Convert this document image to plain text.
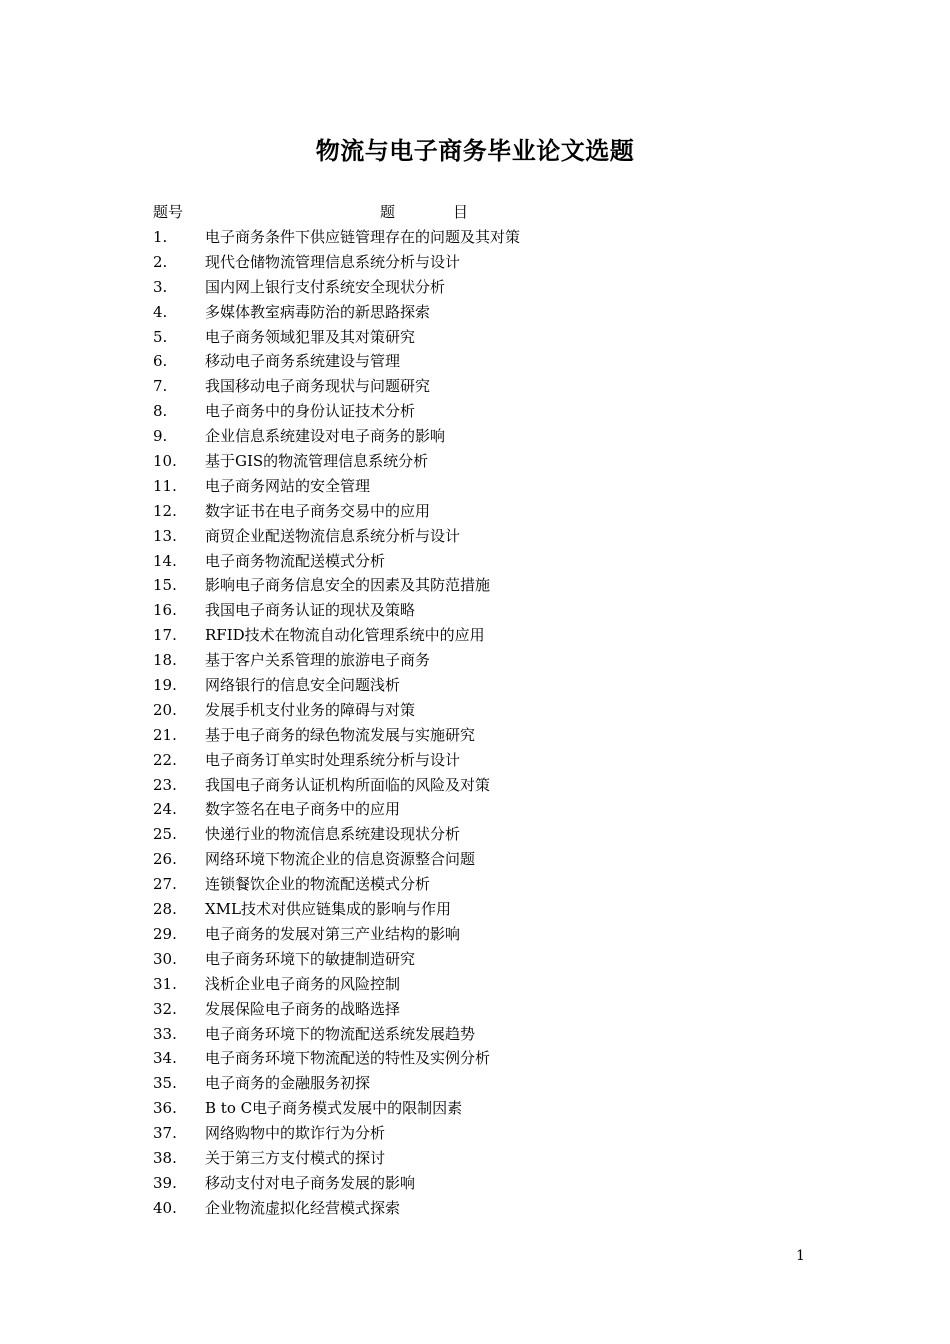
物流与电子商务毕业论文选题
题号	题目
1.	电子商务条件下供应链管理存在的问题及其对策
2.	现代仓储物流管理信息系统分析与设计
3.	国内网上银行支付系统安全现状分析
4.	多媒体教室病毒防治的新思路探索
5.	电子商务领域犯罪及其对策研究
6.	移动电子商务系统建设与管理
7.	我国移动电子商务现状与问题研究
8.	电子商务中的身份认证技术分析
9.	企业信息系统建设对电子商务的影响
10. 基于GIS的物流管理信息系统分析
11. 电子商务网站的安全管理
12. 数字证书在电子商务交易中的应用
13. 商贸企业配送物流信息系统分析与设计
14. 电子商务物流配送模式分析
15. 影响电子商务信息安全的因素及其防范措施
16. 我国电子商务认证的现状及策略
17. RFID技术在物流自动化管理系统中的应用
18. 基于客户关系管理的旅游电子商务
19. 网络银行的信息安全问题浅析
20. 发展手机支付业务的障碍与对策
21. 基于电子商务的绿色物流发展与实施研究
22. 电子商务订单实时处理系统分析与设计
23. 我国电子商务认证机构所面临的风险及对策
24. 数字签名在电子商务中的应用
25. 快递行业的物流信息系统建设现状分析
26. 网络环境下物流企业的信息资源整合问题
27. 连锁餐饮企业的物流配送模式分析
28. XML技术对供应链集成的影响与作用
29. 电子商务的发展对第三产业结构的影响
30. 电子商务环境下的敏捷制造研究
31. 浅析企业电子商务的风险控制
32. 发展保险电子商务的战略选择
33. 电子商务环境下的物流配送系统发展趋势
34. 电子商务环境下物流配送的特性及实例分析
35. 电子商务的金融服务初探
36. B to C电子商务模式发展中的限制因素
37. 网络购物中的欺诈行为分析
38. 关于第三方支付模式的探讨
39. 移动支付对电子商务发展的影响
40. 企业物流虚拟化经营模式探索
1
